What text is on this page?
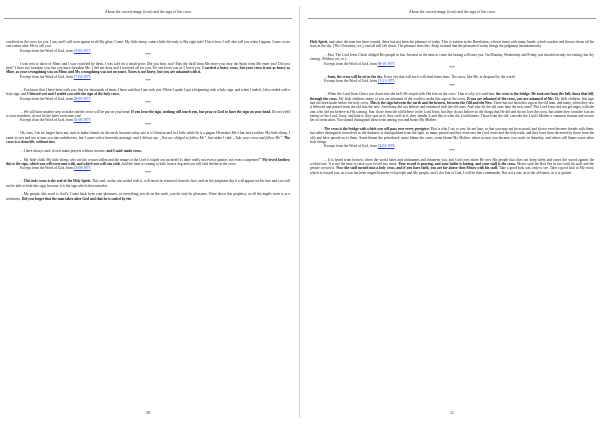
About the carved image (icon) and the sign of the cross

crucified on the cross for you. I am, and I will soon appear in all My glory. Come, My little sheep, come a little bit early to My right side! This is how I will also call you when I appear. Come, as no one comes after Me to call you.

Excerpt from the Word of God, from 19-02-1975

***

I was sent to those of Mine, and I was crucified by them. I was sold for a small price. Did you hear, son? May the thrill from Me enter you; may the Spirit from Me enter you! Did you hear? I have not forsaken you, but you have forsaken Me. I did not deny and I received all for you. No one loves you as I loved you. I carried a heavy cross, but your cross is not as heavy as Mine, as your wrongdoing was on Mine, and My wrongdoing was not on yours. Yours is not heavy, but you are ashamed with it.

Excerpt from the Word of God, from 17-04-1975

***

... You know that I have been with you, that for thousands of times I have said that I am with you. When I spoke I put a beginning with a holy sign, and when I ended, I also ended with a holy sign, and I blessed you and I sealed you with the sign of the holy cross.

Excerpt from the Word of God, from 28-05-1975

***

... We still have another step to make and the cross will be put on your head. If you bear the sign, nothing will touch you, but pray to God to have the sign on your head. Do not yield to your murderer, do not let the hater overcome you!

Excerpt from the Word of God, from 01-06-1975

***

Oh, sons, I do no longer have any trust to make friends on the earth, because today one is a Christian and in a little while he is a pagan. He makes Me a liar and a robber. My little sheep, I came to you and not to turn you into unbelievers, but I came with a heavenly message, and I did not say: „You are obliged to follow Me”, but rather I said: „Take your cross and follow Me”. The cross is a clean life, without sins.

... I have always said: do not make prayers without incense, and I said: make cross.

... My little child, My little sheep, why are the crosses fallen and the image of the Lord is wiped out on them? Is there really not even a painter, not even a carpenter?” My loved brother, this is the sign, which you will overcome with, and which you will win with. And the time is coming to hide from a dog and you will find shelter at the cross.

Excerpt from the Word of God, from 15-06-1975

***

... This holy cross is the seal of the Holy Spirit. This seal, on the one sealed with it, will never be removed from his face, and on the judgment day it will appear on his face and you will not be able to hide this sign, because it is the sign which does miracles.

... My people, this word is God’s. Come back from your pleasures, as everything you do on the earth, you do only by pleasures. Write down this prophecy, as all the angels write it as a testimony. Did you forget that the man takes after God and that he is sealed by the

20
About the carved image (icon) and the sign of the cross

Holy Spirit, and since the man has been created, there has not been the pleasure of today. This is written in the Revelation: a fierce beast with many heads, which touches and throws down all the stars in the sky. (The Christians; r.n.), and all will fall down. The pleasure does this. Keep in mind that the pleasure of today brings the judgment instantaneously.

... Fast. The Lord Jesus Christ obliged His people to fast, because in the time to come the fasting will save you. On Monday, Wednesday and Friday you should eat only for fasting, but dry fasting. (Without oil, r.n.).

Excerpt from the Word of God, from 09-10-1975

***

... Soon, the cross will be set in the sky. Every eye that will see it will shed bitter tears. The cross, like Me, is despised by the world.

Excerpt from the Word of God, from 13-11-1975

***

... When the Lord Jesus Christ was down into the hell, He stayed with His feet on the cross. That is why it is said that: the cross is the bridge. He took out from the hell, those that fell, through the cross. My little children, many of you are ashamed of the world to make this sign of the cross. If you are ashamed of the cross, you are ashamed of Me. My little children, this sign had not been made before the holy cross. This is the sign between the earth and the heaven, between the Old and the New. There has not been this sign in the old man, and many, when they saw it believed and passed from the old into the new. And many did not believe and remained with the old ones. And why do the old ones hate the new ones? The Lord Jesus did not get angry with the one, who did not believe in His coming. Son, those from the old believe in the Lord Jesus, but they do not believe in the things that He did and do not love the cross, but rather they consider it as an enemy of the Lord, Jesus, and hate it; they spit on it; they scoff at it; they slander it and this is what the Lord blames. Those from the old, consider the Lord’s Mother a common woman and accuse her of fornication. You should distinguish those from among you and honor My Mother.

The cross is the bridge with which you will pass over every precipice. That is why I say to you: do not hate, so that you may not be accused; and do not even become friends with them, but rather distinguish yourselves as the darkness is distinguished from the light, as many passed and they even saw the Lord Jesus and the holy truth, and they have been deceived by those from the old, and have passed on to them. Some blame the priesthood; some blame the cross; some blame My Mother, others accuse you because you work on Saturday, and others still blame some other holy things.

Excerpt from the Word of God, from 22-02-1976

***

... It is heard from heaven, when the world hates and nicknames and threatens you, and God cries when He sees His people that does not keep silent and raises the sword against the wicked one. It is not the time to raise your sword any more. Your sword is praying, and your ballot is fasting, and your staff is the cross. Moses split the Red Sea in two with his staff and the people crossed it. Now the staff turned into a holy cross, and if you have faith, you are far above then Moses with his staff. Take a good look son, only to see. Take a good look at My word, which is toward you, as a war has been waged between evil people and My people, and I, the Son of God, I will be their commander. But not a war, as in the old times, as it is spoken

21
